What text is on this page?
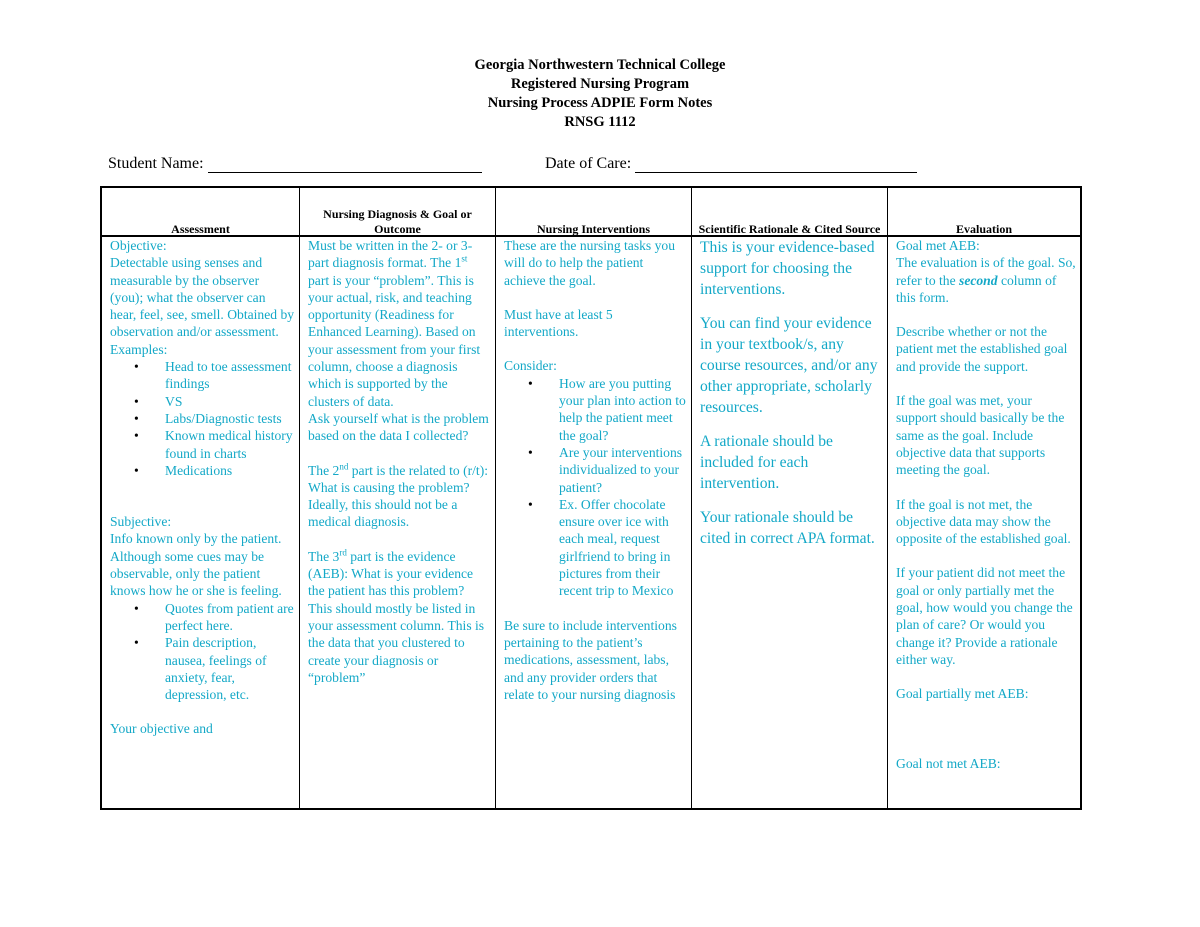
Georgia Northwestern Technical College
Registered Nursing Program
Nursing Process ADPIE Form Notes
RNSG 1112
Student Name:	Date of Care:
Assessment

Objective:

Detectable using senses and measurable by the observer (you); what the observer can hear, feel, see, smell. Obtained by observation and/or assessment.

Examples:

• Head to toe assessment findings
• VS
• Labs/Diagnostic tests
• Known medical history found in charts
• Medications

Subjective:

Info known only by the patient. Although some cues may be observable, only the patient knows how he or she is feeling.

• Quotes from patient are perfect here.
• Pain description, nausea, feelings of anxiety, fear, depression, etc.

Your objective and

Nursing Diagnosis & Goal or Outcome

Must be written in the 2- or 3-part diagnosis format. The 1st part is your “problem”. This is your actual, risk, and teaching opportunity (Readiness for Enhanced Learning). Based on your assessment from your first column, choose a diagnosis which is supported by the clusters of data.

Ask yourself what is the problem based on the data I collected?

The 2nd part is the related to (r/t): What is causing the problem? Ideally, this should not be a medical diagnosis.

The 3rd part is the evidence (AEB): What is your evidence the patient has this problem? This should mostly be listed in your assessment column. This is the data that you clustered to create your diagnosis or “problem”

Nursing Interventions

These are the nursing tasks you will do to help the patient achieve the goal.

Must have at least 5 interventions.

Consider:

• How are you putting your plan into action to help the patient meet the goal?
• Are your interventions individualized to your patient?
• Ex. Offer chocolate ensure over ice with each meal, request girlfriend to bring in pictures from their recent trip to Mexico

Be sure to include interventions pertaining to the patient’s medications, assessment, labs, and any provider orders that relate to your nursing diagnosis

Scientific Rationale & Cited Source

This is your evidence-based support for choosing the interventions.

You can find your evidence in your textbook/s, any course resources, and/or any other appropriate, scholarly resources.

A rationale should be included for each intervention.

Your rationale should be cited in correct APA format.

Evaluation

Goal met AEB:

The evaluation is of the goal. So, refer to the second column of this form.

Describe whether or not the patient met the established goal and provide the support.

If the goal was met, your support should basically be the same as the goal. Include objective data that supports meeting the goal.

If the goal is not met, the objective data may show the opposite of the established goal.

If your patient did not meet the goal or only partially met the goal, how would you change the plan of care? Or would you change it? Provide a rationale either way.

Goal partially met AEB:

Goal not met AEB:
